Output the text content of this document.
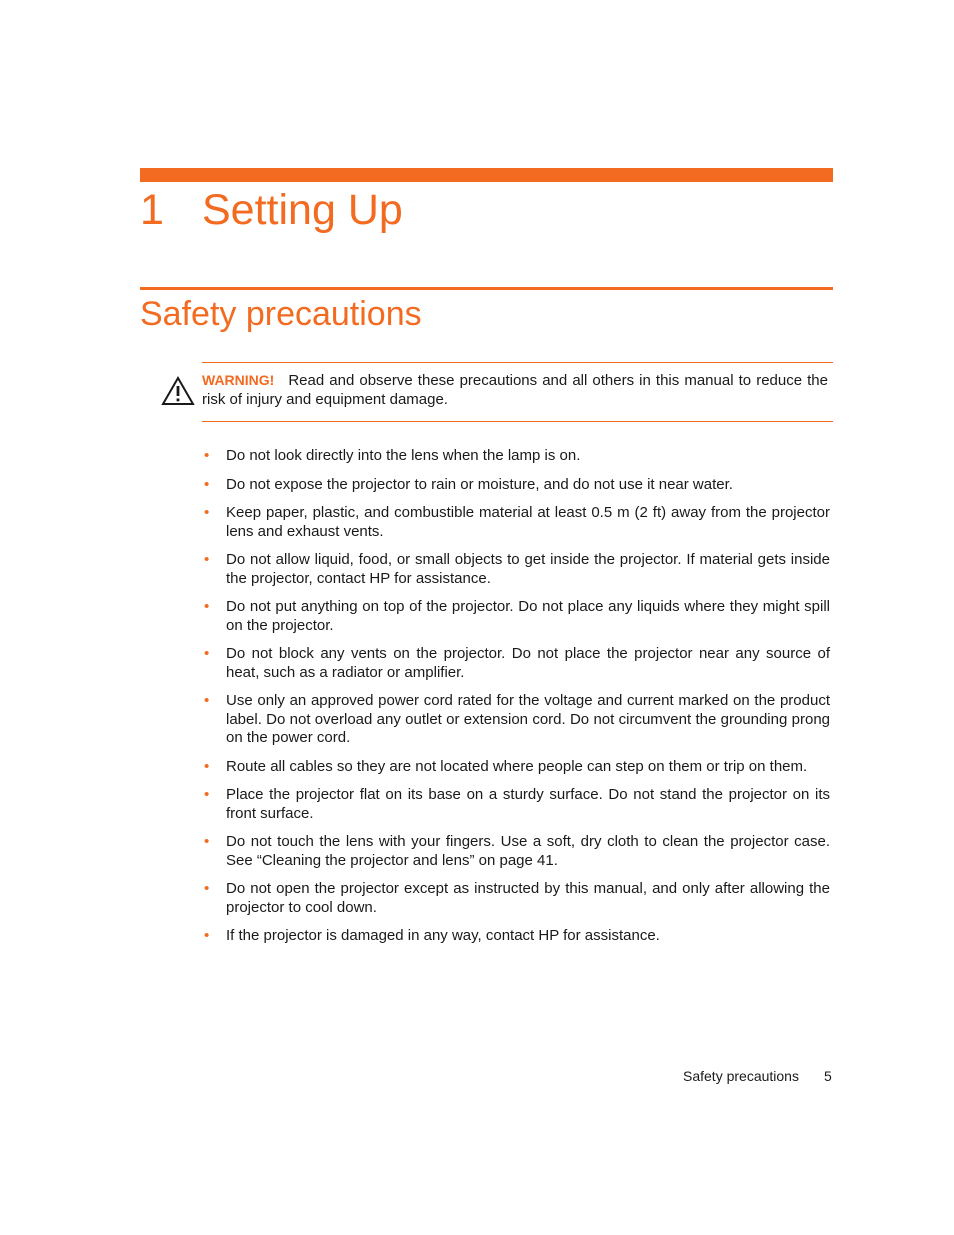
1 Setting Up
Safety precautions

WARNING! Read and observe these precautions and all others in this manual to reduce the risk of injury and equipment damage.

• Do not look directly into the lens when the lamp is on.
• Do not expose the projector to rain or moisture, and do not use it near water.
• Keep paper, plastic, and combustible material at least 0.5 m (2 ft) away from the projector lens and exhaust vents.
• Do not allow liquid, food, or small objects to get inside the projector. If material gets inside the projector, contact HP for assistance.
• Do not put anything on top of the projector. Do not place any liquids where they might spill on the projector.
• Do not block any vents on the projector. Do not place the projector near any source of heat, such as a radiator or amplifier.
• Use only an approved power cord rated for the voltage and current marked on the product label. Do not overload any outlet or extension cord. Do not circumvent the grounding prong on the power cord.
• Route all cables so they are not located where people can step on them or trip on them.
• Place the projector flat on its base on a sturdy surface. Do not stand the projector on its front surface.
• Do not touch the lens with your fingers. Use a soft, dry cloth to clean the projector case. See “Cleaning the projector and lens” on page 41.
• Do not open the projector except as instructed by this manual, and only after allowing the projector to cool down.
• If the projector is damaged in any way, contact HP for assistance.
Safety precautions 5
